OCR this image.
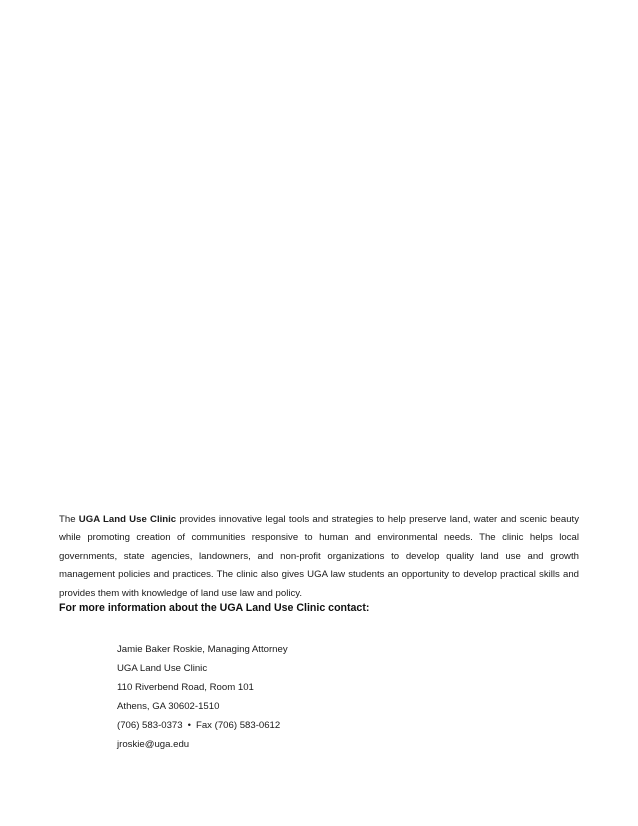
The UGA Land Use Clinic provides innovative legal tools and strategies to help preserve land, water and scenic beauty while promoting creation of communities responsive to human and environmental needs. The clinic helps local governments, state agencies, landowners, and non-profit organizations to develop quality land use and growth management policies and practices. The clinic also gives UGA law students an opportunity to develop practical skills and provides them with knowledge of land use law and policy.

For more information about the UGA Land Use Clinic contact:

Jamie Baker Roskie, Managing Attorney
UGA Land Use Clinic
110 Riverbend Road, Room 101
Athens, GA 30602-1510
(706) 583-0373 • Fax (706) 583-0612
jroskie@uga.edu
